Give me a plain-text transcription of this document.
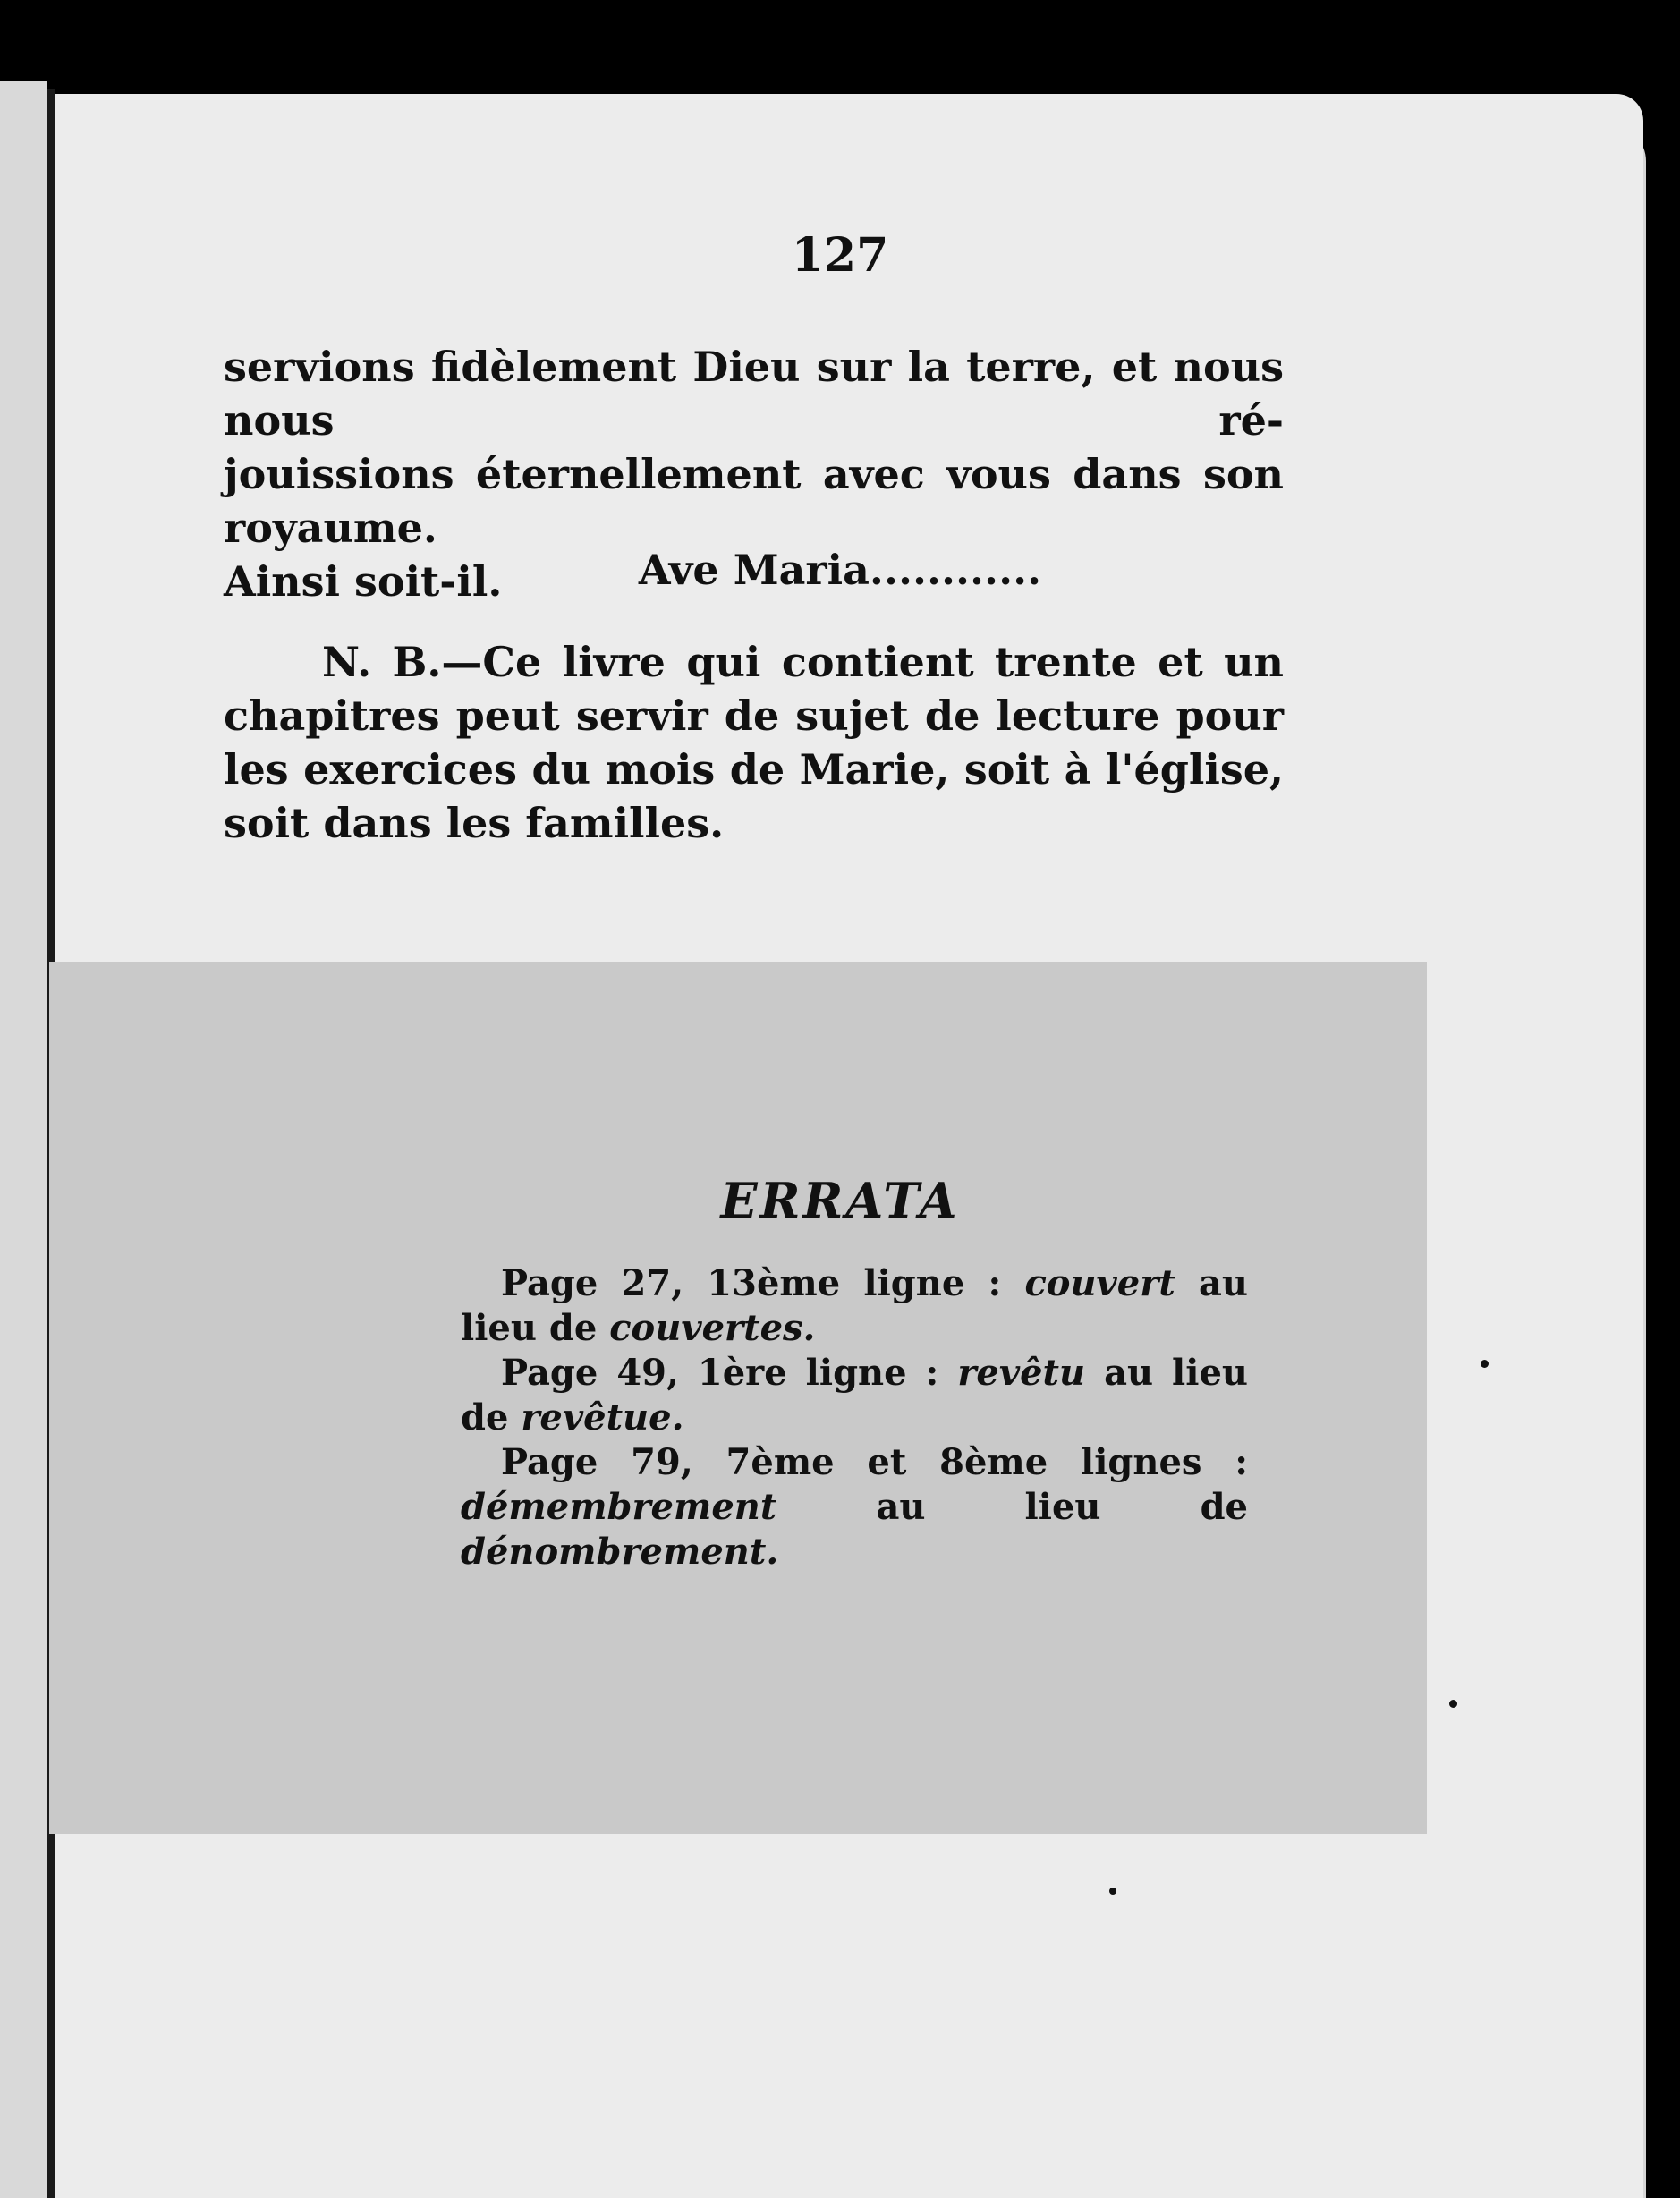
127
servions fidèlement Dieu sur la terre, et nous nous ré-
jouissions éternellement avec vous dans son royaume.
Ainsi soit-il.	Ave Maria............
N. B.—Ce livre qui contient trente et un chapitres peut servir de sujet de lecture pour les exercices du mois de Marie, soit à l'église, soit dans les familles.
ERRATA
Page 27, 13ème ligne : couvert au lieu de couvertes.
Page 49, 1ère ligne : revêtu au lieu de revêtue.
Page 79, 7ème et 8ème lignes : démembrement	au lieu de dénombrement.
